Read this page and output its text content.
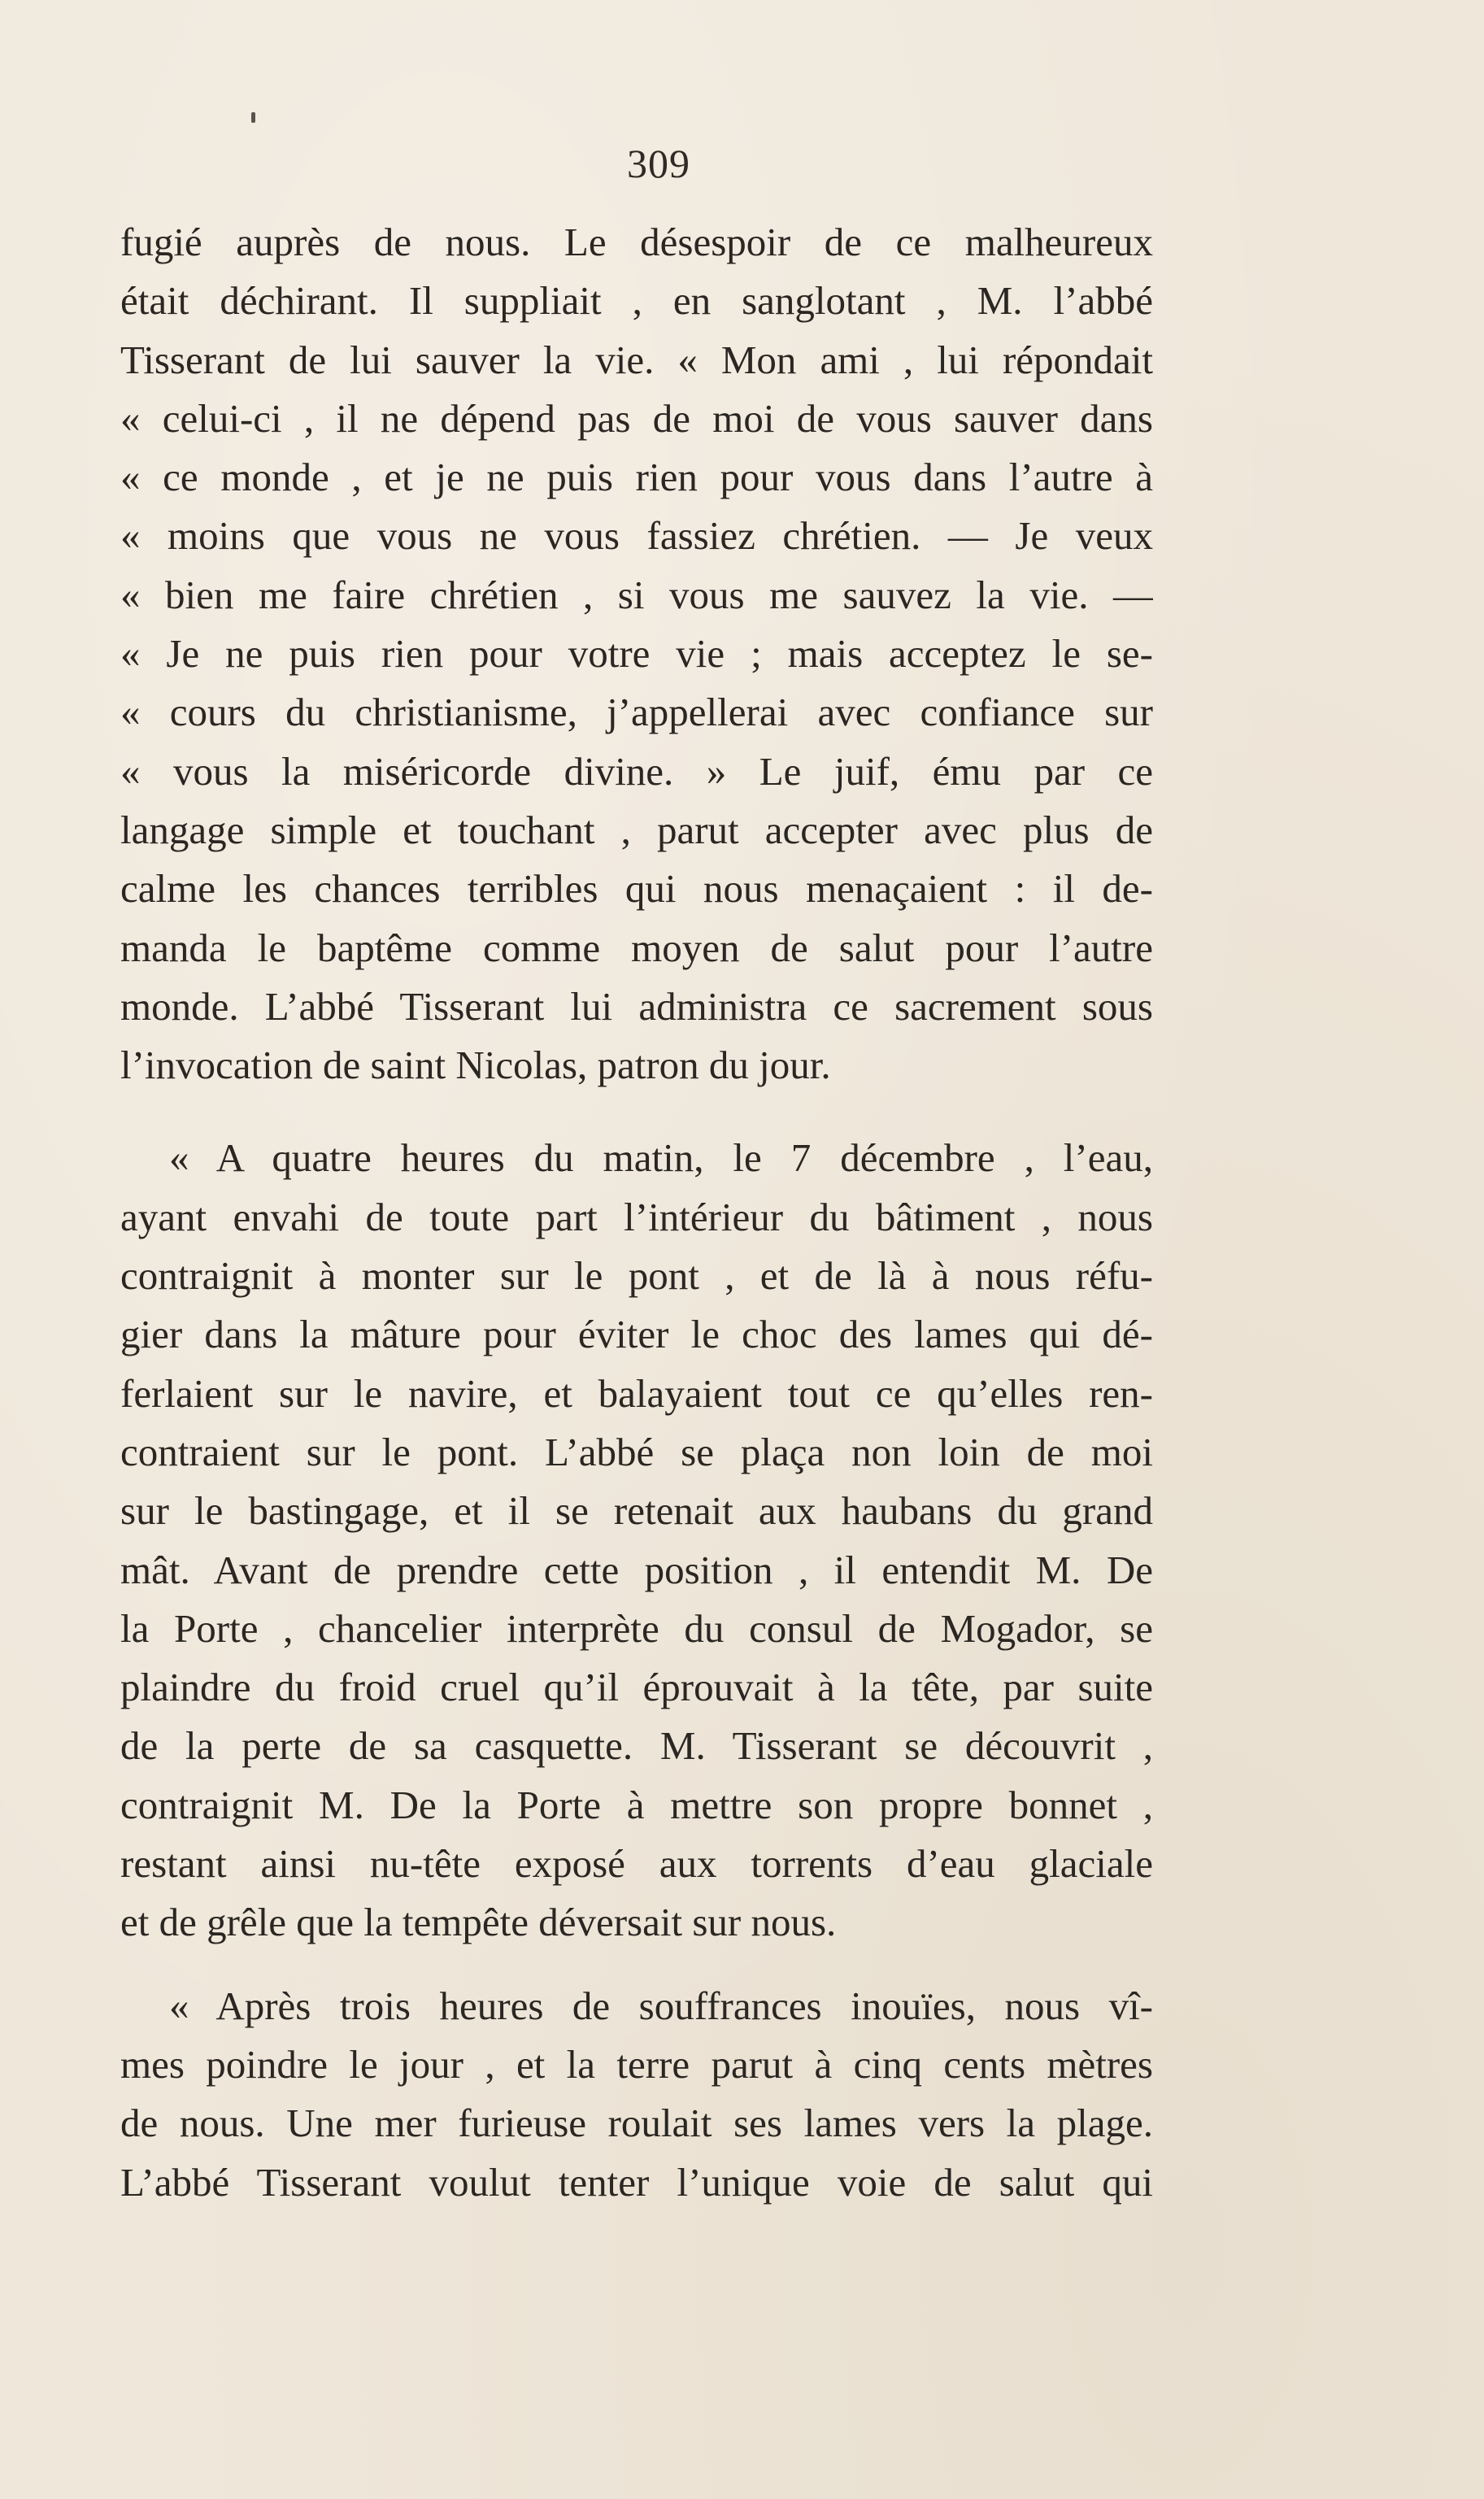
309
fugié auprès de nous. Le désespoir de ce malheureux
était déchirant. Il suppliait , en sanglotant , M. l’abbé
Tisserant de lui sauver la vie. « Mon ami , lui répondait
« celui-ci , il ne dépend pas de moi de vous sauver dans
« ce monde , et je ne puis rien pour vous dans l’autre à
« moins que vous ne vous fassiez chrétien. — Je veux
« bien me faire chrétien , si vous me sauvez la vie. —
« Je ne puis rien pour votre vie ; mais acceptez le se-
« cours du christianisme, j’appellerai avec confiance sur
« vous la miséricorde divine. » Le juif, ému par ce
langage simple et touchant , parut accepter avec plus de
calme les chances terribles qui nous menaçaient : il de-
manda le baptême comme moyen de salut pour l’autre
monde. L’abbé Tisserant lui administra ce sacrement sous
l’invocation de saint Nicolas, patron du jour.
« A quatre heures du matin, le 7 décembre , l’eau,
ayant envahi de toute part l’intérieur du bâtiment , nous
contraignit à monter sur le pont , et de là à nous réfu-
gier dans la mâture pour éviter le choc des lames qui dé-
ferlaient sur le navire, et balayaient tout ce qu’elles ren-
contraient sur le pont. L’abbé se plaça non loin de moi
sur le bastingage, et il se retenait aux haubans du grand
mât. Avant de prendre cette position , il entendit M. De
la Porte , chancelier interprète du consul de Mogador, se
plaindre du froid cruel qu’il éprouvait à la tête, par suite
de la perte de sa casquette. M. Tisserant se découvrit ,
contraignit M. De la Porte à mettre son propre bonnet ,
restant ainsi nu-tête exposé aux torrents d’eau glaciale
et de grêle que la tempête déversait sur nous.
« Après trois heures de souffrances inouïes, nous vî-
mes poindre le jour , et la terre parut à cinq cents mètres
de nous. Une mer furieuse roulait ses lames vers la plage.
L’abbé Tisserant voulut tenter l’unique voie de salut qui
